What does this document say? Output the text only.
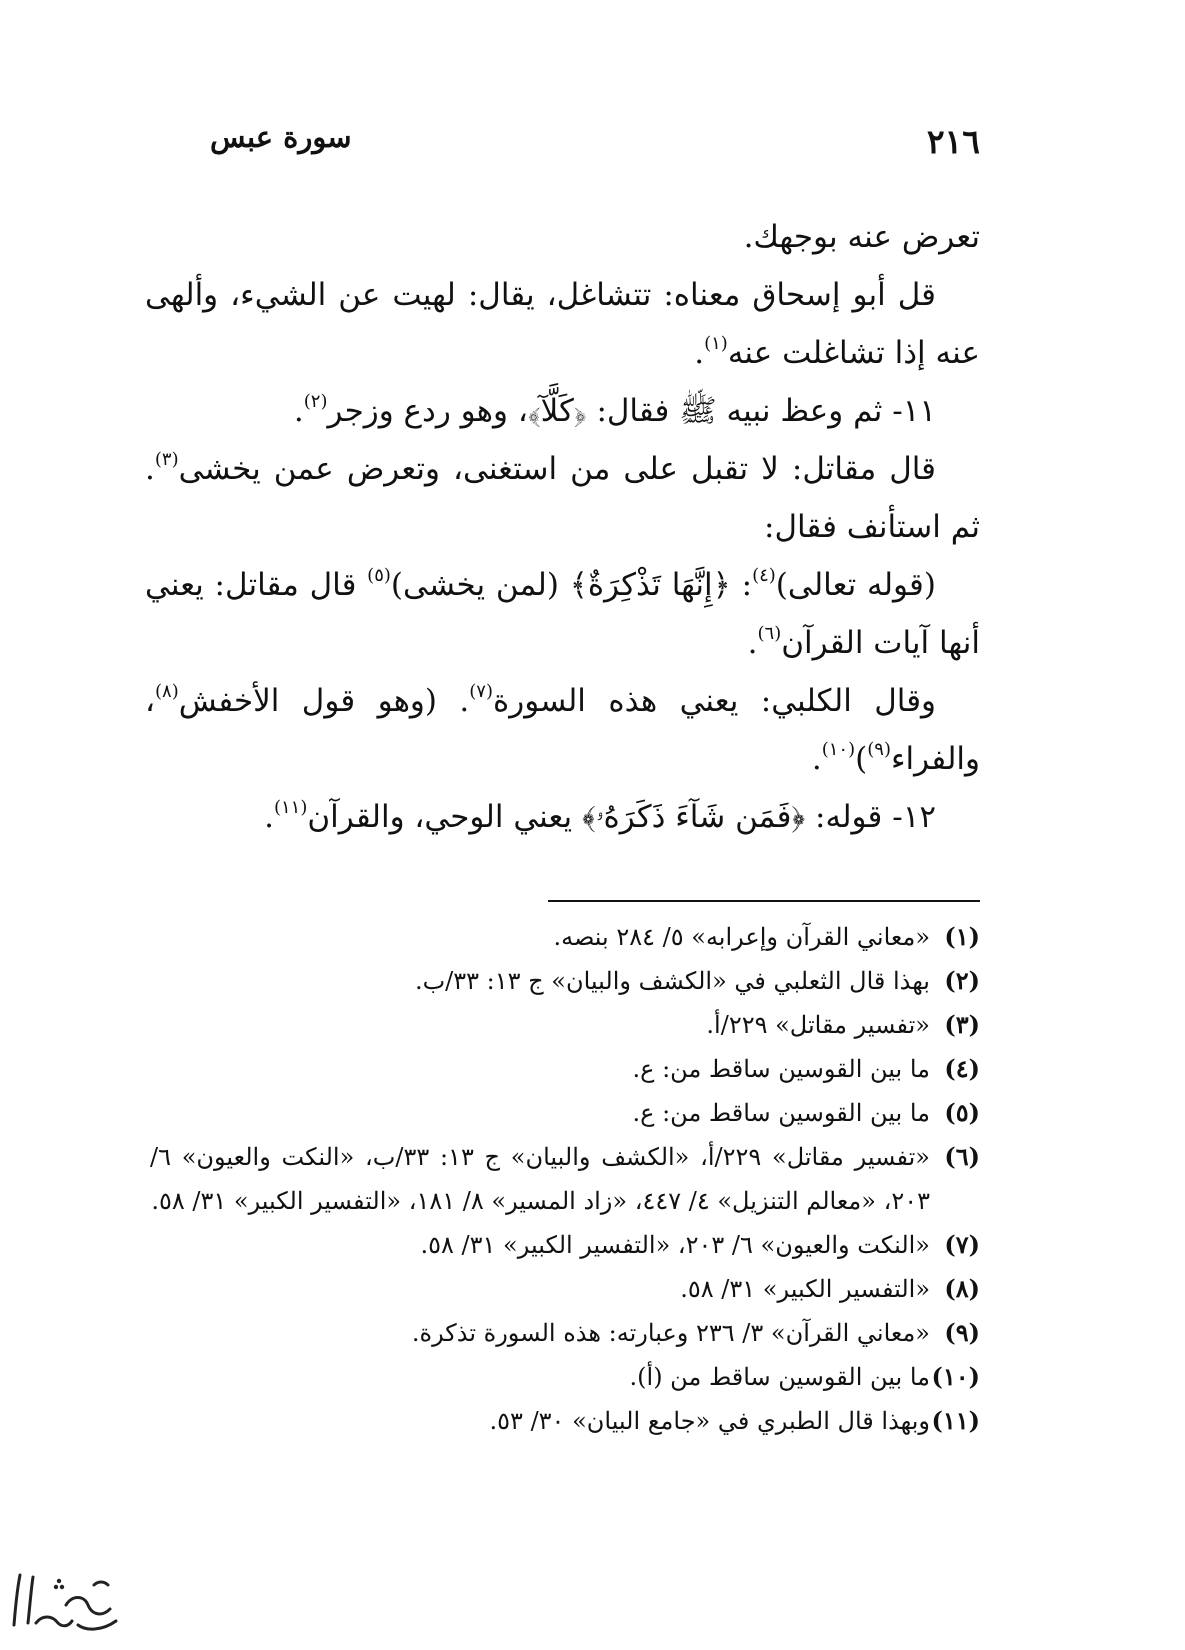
٢١٦
سورة عبس

تعرض عنه بوجهك.

قل أبو إسحاق معناه: تتشاغل، يقال: لهيت عن الشيء، وألهى عنه إذا تشاغلت عنه$^{(١)}$.

١١- ثم وعظ نبيه ﷺ فقال: ﴿كَلَّآ﴾، وهو ردع وزجر$^{(٢)}$.

قال مقاتل: لا تقبل على من استغنى، وتعرض عمن يخشى$^{(٣)}$. ثم استأنف فقال:

(قوله تعالى)$^{(٤)}$: ﴿إِنَّهَا تَذْكِرَةٌ﴾ (لمن يخشى)$^{(٥)}$ قال مقاتل: يعني أنها آيات القرآن$^{(٦)}$.

وقال الكلبي: يعني هذه السورة$^{(٧)}$. (وهو قول الأخفش$^{(٨)}$، والفراء$^{(٩)}$)$^{(١٠)}$.

١٢- قوله: ﴿فَمَن شَآءَ ذَكَرَهُۥ﴾ يعني الوحي، والقرآن$^{(١١)}$.

(١)
«معاني القرآن وإعرابه» ٥/ ٢٨٤ بنصه.
(٢)
بهذا قال الثعلبي في «الكشف والبيان» ج ١٣: ٣٣/ب.
(٣)
«تفسير مقاتل» ٢٢٩/أ.
(٤)
ما بين القوسين ساقط من: ع.
(٥)
ما بين القوسين ساقط من: ع.
(٦)
«تفسير مقاتل» ٢٢٩/أ، «الكشف والبيان» ج ١٣: ٣٣/ب، «النكت والعيون» ٦/ ٢٠٣، «معالم التنزيل» ٤/ ٤٤٧، «زاد المسير» ٨/ ١٨١، «التفسير الكبير» ٣١/ ٥٨.
(٧)
«النكت والعيون» ٦/ ٢٠٣، «التفسير الكبير» ٣١/ ٥٨.
(٨)
«التفسير الكبير» ٣١/ ٥٨.
(٩)
«معاني القرآن» ٣/ ٢٣٦ وعبارته: هذه السورة تذكرة.
(١٠)
ما بين القوسين ساقط من (أ).
(١١)
وبهذا قال الطبري في «جامع البيان» ٣٠/ ٥٣.
